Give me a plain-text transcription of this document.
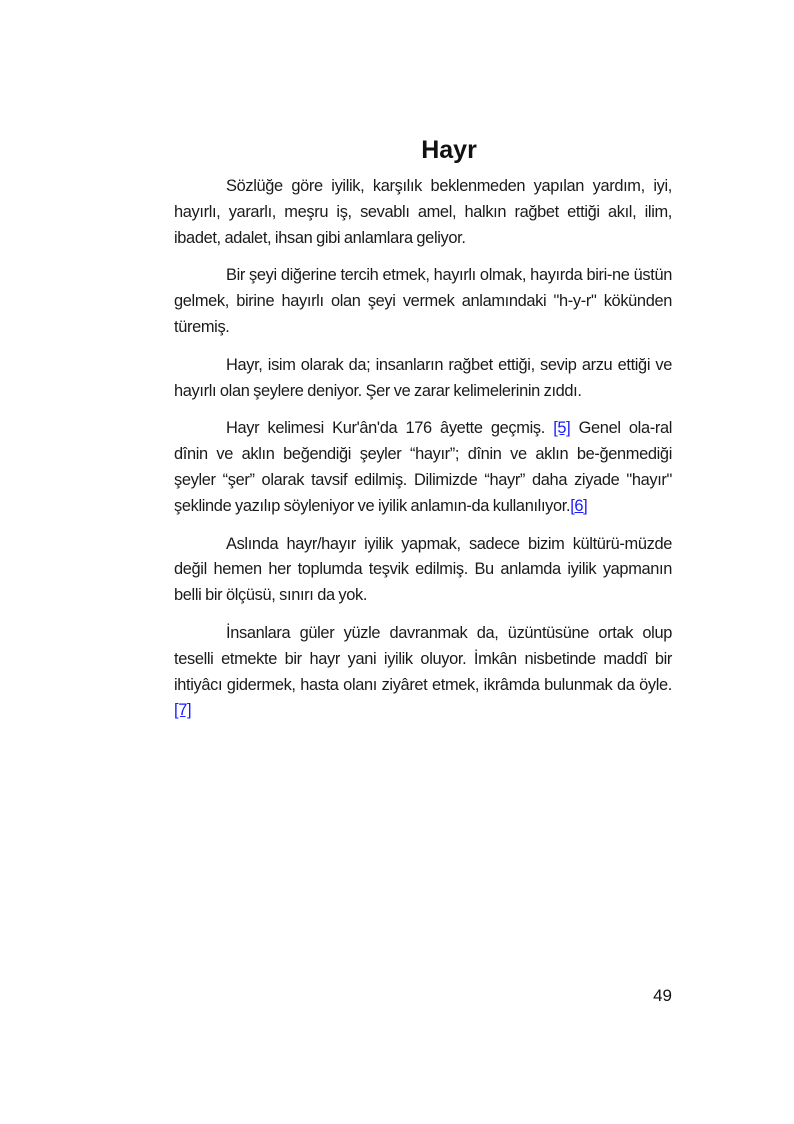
Hayr

Sözlüğe göre iyilik, karşılık beklenmeden yapılan yardım, iyi, hayırlı, yararlı, meşru iş, sevablı amel, halkın rağbet ettiği akıl, ilim, ibadet, adalet, ihsan gibi anlamlara geliyor.

Bir şeyi diğerine tercih etmek, hayırlı olmak, hayırda biri-ne üstün gelmek, birine hayırlı olan şeyi vermek anlamındaki "h-y-r" kökünden türemiş.

Hayr, isim olarak da; insanların rağbet ettiği, sevip arzu ettiği ve hayırlı olan şeylere deniyor. Şer ve zarar kelimelerinin zıddı.

Hayr kelimesi Kur'ân'da 176 âyette geçmiş. [5] Genel ola-ral dînin ve aklın beğendiği şeyler “hayır”; dînin ve aklın be-ğenmediği şeyler “şer” olarak tavsif edilmiş. Dilimizde “hayr” daha ziyade "hayır" şeklinde yazılıp söyleniyor ve iyilik anlamın-da kullanılıyor.[6]

Aslında hayr/hayır iyilik yapmak, sadece bizim kültürü-müzde değil hemen her toplumda teşvik edilmiş. Bu anlamda iyilik yapmanın belli bir ölçüsü, sınırı da yok.

İnsanlara güler yüzle davranmak da, üzüntüsüne ortak olup teselli etmekte bir hayr yani iyilik oluyor. İmkân nisbetinde maddî bir ihtiyâcı gidermek, hasta olanı ziyâret etmek, ikrâmda bulunmak da öyle. [7]

49
